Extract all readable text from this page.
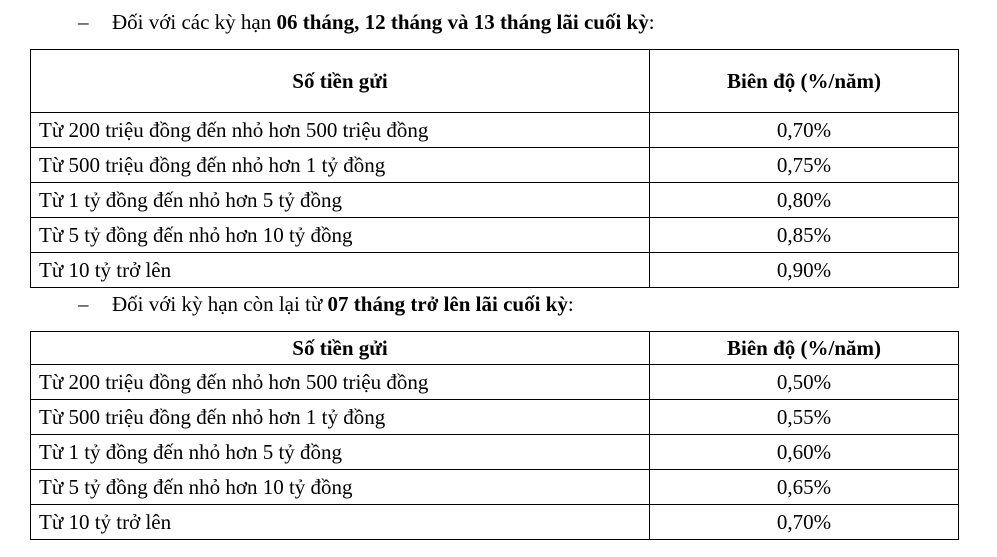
– Đối với các kỳ hạn 06 tháng, 12 tháng và 13 tháng lãi cuối kỳ:
Số tiền gửi	Biên độ (%/năm)
Từ 200 triệu đồng đến nhỏ hơn 500 triệu đồng	0,70%
Từ 500 triệu đồng đến nhỏ hơn 1 tỷ đồng	0,75%
Từ 1 tỷ đồng đến nhỏ hơn 5 tỷ đồng	0,80%
Từ 5 tỷ đồng đến nhỏ hơn 10 tỷ đồng	0,85%
Từ 10 tỷ trở lên	0,90%
– Đối với kỳ hạn còn lại từ 07 tháng trở lên lãi cuối kỳ:
Số tiền gửi	Biên độ (%/năm)
Từ 200 triệu đồng đến nhỏ hơn 500 triệu đồng	0,50%
Từ 500 triệu đồng đến nhỏ hơn 1 tỷ đồng	0,55%
Từ 1 tỷ đồng đến nhỏ hơn 5 tỷ đồng	0,60%
Từ 5 tỷ đồng đến nhỏ hơn 10 tỷ đồng	0,65%
Từ 10 tỷ trở lên	0,70%
